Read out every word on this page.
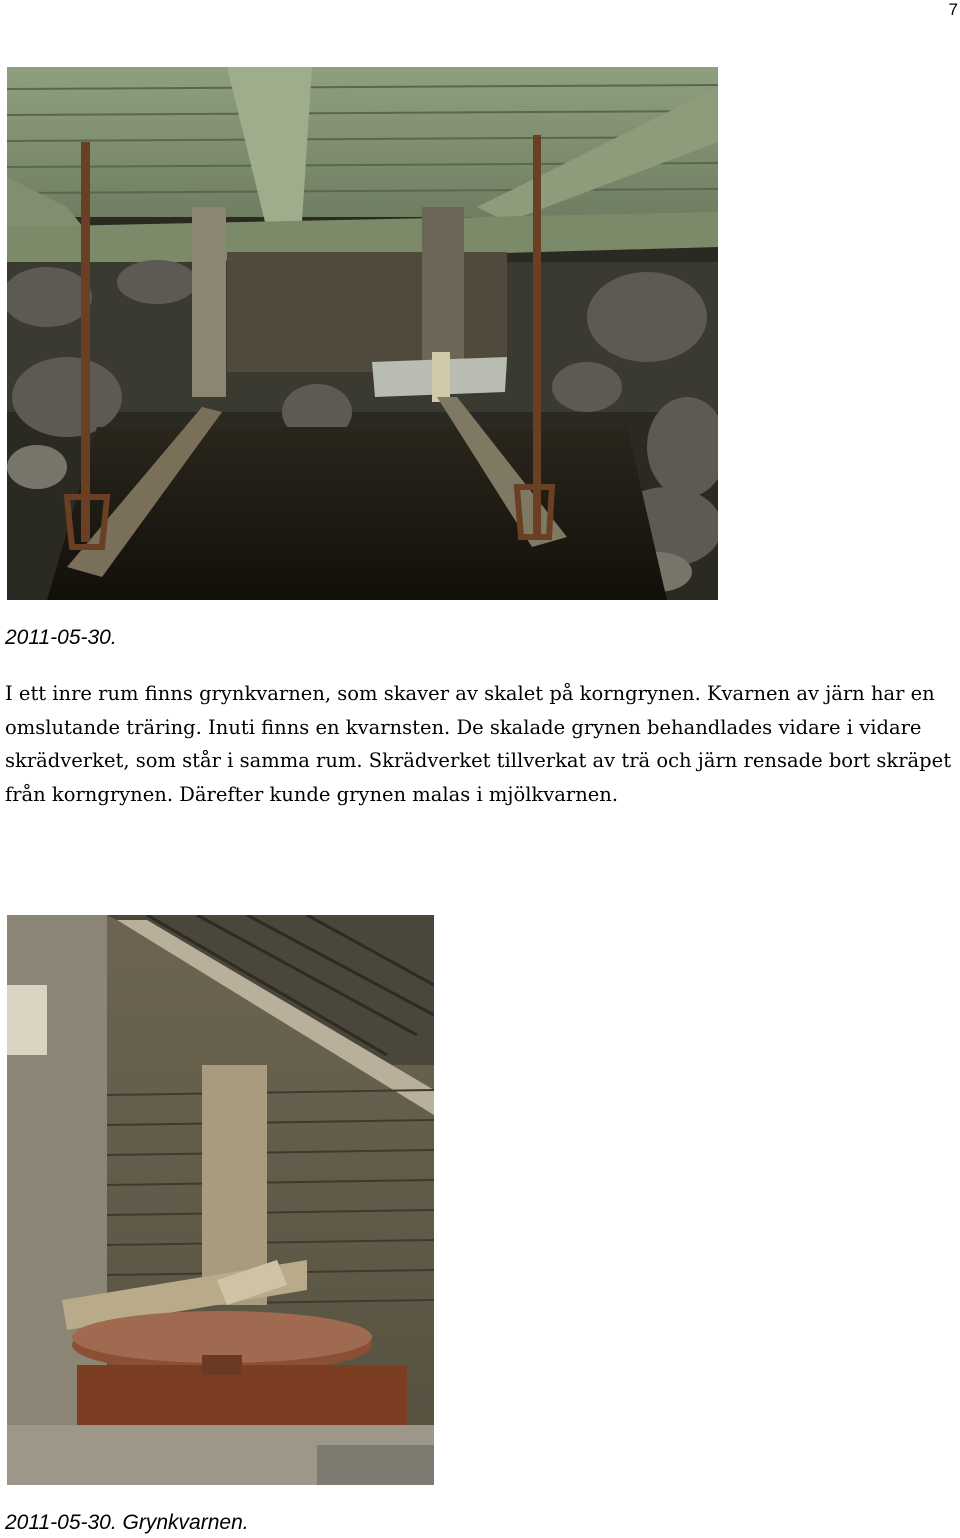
7
2011-05-30.

I ett inre rum finns grynkvarnen, som skaver av skalet på korngrynen. Kvarnen av järn har en omslutande träring. Inuti finns en kvarnsten. De skalade grynen behandlades vidare i vidare skrädverket, som står i samma rum. Skrädverket tillverkat av trä och järn rensade bort skräpet från korngrynen. Därefter kunde grynen malas i mjölkvarnen.

2011-05-30. Grynkvarnen.
